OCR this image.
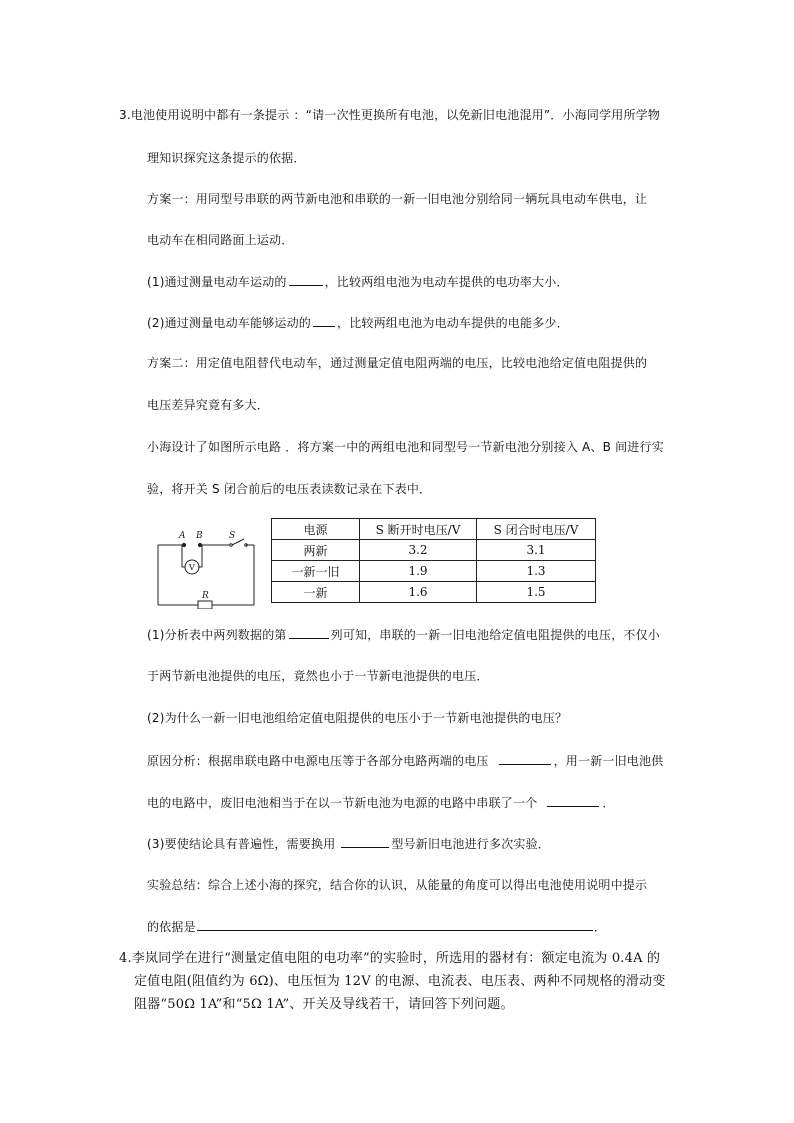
3.电池使用说明中都有一条提示 ：“请一次性更换所有电池，以免新旧电池混用”．小海同学用所学物
理知识探究这条提示的依据．
方案一：用同型号串联的两节新电池和串联的一新一旧电池分别给同一辆玩具电动车供电，让
电动车在相同路面上运动．
(1)通过测量电动车运动的	，比较两组电池为电动车提供的电功率大小．
(2)通过测量电动车能够运动的 ，比较两组电池为电动车提供的电能多少．
方案二：用定值电阻替代电动车，通过测量定值电阻两端的电压，比较电池给定值电阻提供的
电压差异究竟有多大．
小海设计了如图所示电路 ．将方案一中的两组电池和同型号一节新电池分别接入 A、B 间进行实
验，将开关 S 闭合前后的电压表读数记录在下表中．
A B	S
V
R
电源	S 断开时电压/V	S 闭合时电压/V
两新	3.2	3.1
一新一旧	1.9	1.3
一新	1.6	1.5
(1)分析表中两列数据的第	列可知，串联的一新一旧电池给定值电阻提供的电压，不仅小
于两节新电池提供的电压，竟然也小于一节新电池提供的电压．
(2)为什么一新一旧电池组给定值电阻提供的电压小于一节新电池提供的电压？
原因分析：根据串联电路中电源电压等于各部分电路两端的电压	，用一新一旧电池供
电的电路中，废旧电池相当于在以一节新电池为电源的电路中串联了一个	．
(3)要使结论具有普遍性，需要换用	型号新旧电池进行多次实验．
实验总结：综合上述小海的探究，结合你的认识，从能量的角度可以得出电池使用说明中提示
的依据是	．
4.李岚同学在进行“测量定值电阻的电功率”的实验时，所选用的器材有：额定电流为 0.4A 的
定值电阻(阻值约为 6Ω)、电压恒为 12V 的电源、电流表、电压表、两种不同规格的滑动变
阻器“50Ω 1A”和“5Ω 1A”、开关及导线若干，请回答下列问题。
